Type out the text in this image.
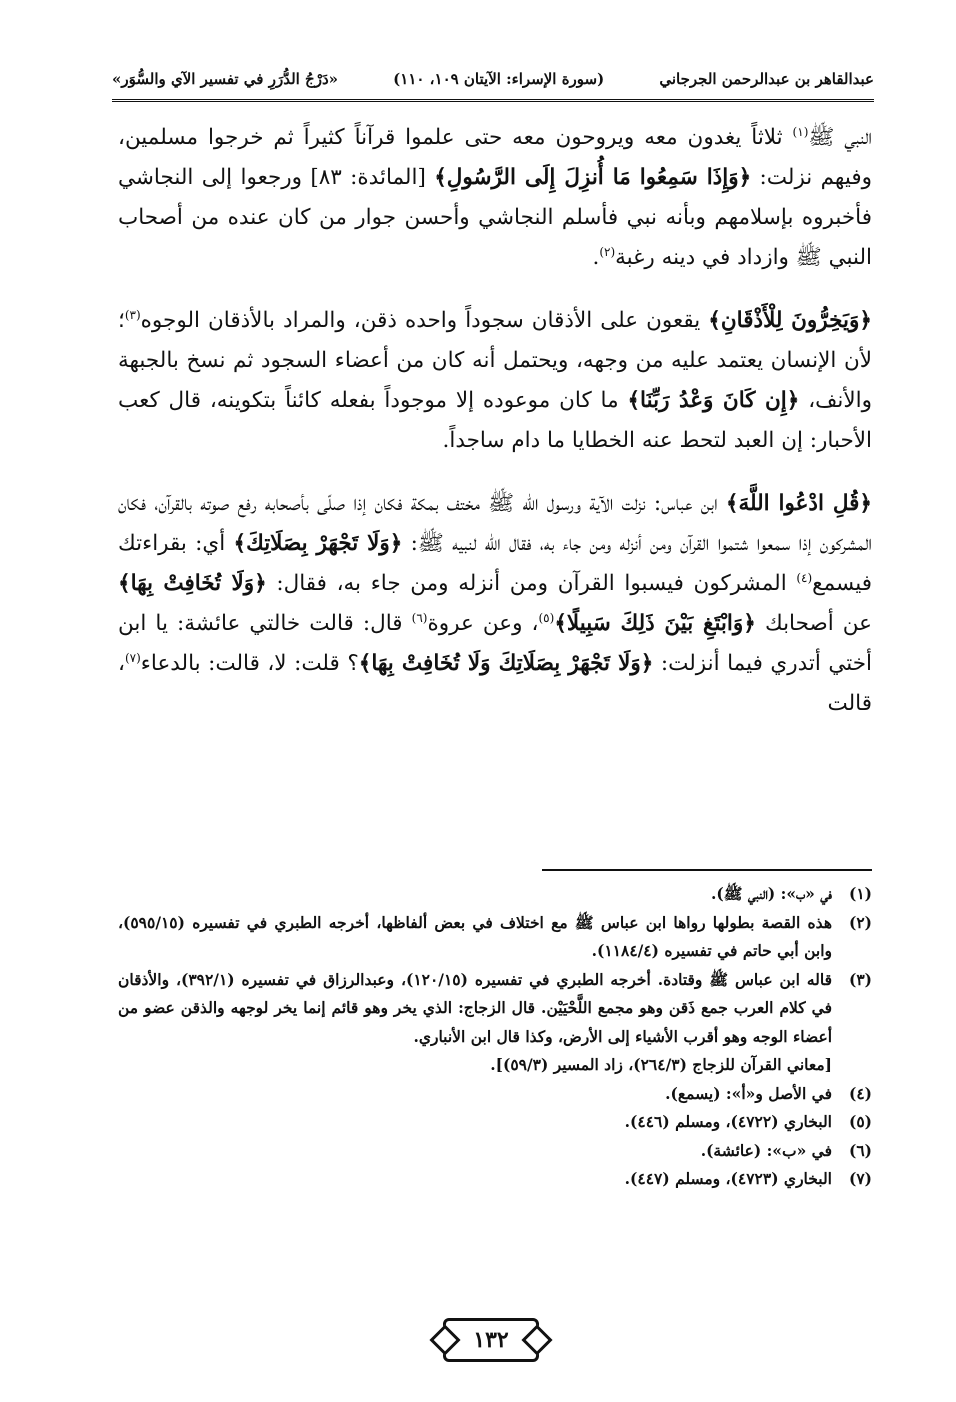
عبدالقاهر بن عبدالرحمن الجرجاني
(سورة الإسراء: الآيتان ١٠٩، ١١٠)
«دَرْجُ الدُّرَرِ في تفسير الآي والسُّوَر»

النبي ﷺ$^{(١)}$ ثلاثاً يغدون معه ويروحون معه حتى علموا قرآناً كثيراً ثم خرجوا مسلمين، وفيهم نزلت: ﴿وَإِذَا سَمِعُوا مَا أُنزِلَ إِلَى الرَّسُولِ﴾ [المائدة: ٨٣] ورجعوا إلى النجاشي فأخبروه بإسلامهم وبأنه نبي فأسلم النجاشي وأحسن جوار من كان عنده من أصحاب النبي ﷺ وازداد في دينه رغبة$^{(٢)}$.

﴿وَيَخِرُّونَ لِلْأَذْقَانِ﴾ يقعون على الأذقان سجوداً واحده ذقن، والمراد بالأذقان الوجوه$^{(٣)}$؛ لأن الإنسان يعتمد عليه من وجهه، ويحتمل أنه كان من أعضاء السجود ثم نسخ بالجبهة والأنف، ﴿إِن كَانَ وَعْدُ رَبِّنَا﴾ ما كان موعوده إلا موجوداً بفعله كائناً بتكوينه، قال كعب الأحبار: إن العبد لتحط عنه الخطايا ما دام ساجداً.

﴿قُلِ ادْعُوا اللَّهَ﴾ ابن عباس: نزلت الآية ورسول الله ﷺ مختف بمكة فكان إذا صلّى بأصحابه رفع صوته بالقرآن، فكان المشركون إذا سمعوا شتموا القرآن ومن أنزله ومن جاء به، فقال الله لنبيه ﷺ: ﴿وَلَا تَجْهَرْ بِصَلَاتِكَ﴾ أي: بقراءتك فيسمع$^{(٤)}$ المشركون فيسبوا القرآن ومن أنزله ومن جاء به، فقال: ﴿وَلَا تُخَافِتْ بِهَا﴾ عن أصحابك ﴿وَابْتَغِ بَيْنَ ذَلِكَ سَبِيلًا﴾$^{(٥)}$، وعن عروة$^{(٦)}$ قال: قالت خالتي عائشة: يا ابن أختي أتدري فيما أنزلت: ﴿وَلَا تَجْهَرْ بِصَلَاتِكَ وَلَا تُخَافِتْ بِهَا﴾؟ قلت: لا، قالت: بالدعاء$^{(٧)}$، قالت

(١)
في «ب»: (النبي ﷺ).
(٢)
هذه القصة بطولها رواها ابن عباس ﷺ مع اختلاف في بعض ألفاظها، أخرجه الطبري في تفسيره (٥٩٥/١٥)، وابن أبي حاتم في تفسيره (١١٨٤/٤).
(٣)
قاله ابن عباس ﷺ وقتادة. أخرجه الطبري في تفسيره (١٢٠/١٥)، وعبدالرزاق في تفسيره (٣٩٢/١)، والأذقان في كلام العرب جمع ذَقن وهو مجمع اللَّحْيَيْن. قال الزجاج: الذي يخر وهو قائم إنما يخر لوجهه والذقن عضو من أعضاء الوجه وهو أقرب الأشياء إلى الأرض، وكذا قال ابن الأنباري.
[معاني القرآن للزجاج (٢٦٤/٣)، زاد المسير (٥٩/٣)].
(٤)
في الأصل و«أ»: (يسمع).
(٥)
البخاري (٤٧٢٢)، ومسلم (٤٤٦).
(٦)
في «ب»: (عائشة).
(٧)
البخاري (٤٧٢٣)، ومسلم (٤٤٧).
١٣٢
